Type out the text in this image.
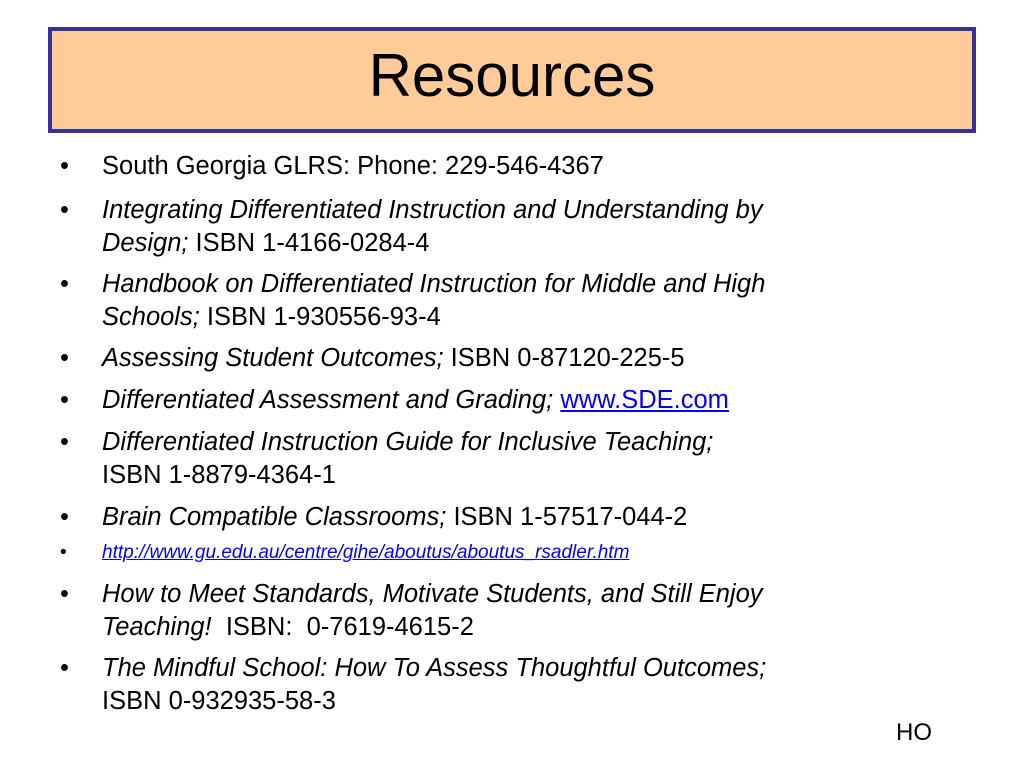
Resources
•	South Georgia GLRS: Phone: 229-546-4367
•	Integrating Differentiated Instruction and Understanding by
Design; ISBN 1-4166-0284-4
•	Handbook on Differentiated Instruction for Middle and High
Schools; ISBN 1-930556-93-4
•	Assessing Student Outcomes; ISBN 0-87120-225-5
•	Differentiated Assessment and Grading; www.SDE.com
•	Differentiated Instruction Guide for Inclusive Teaching;
ISBN 1-8879-4364-1
•	Brain Compatible Classrooms; ISBN 1-57517-044-2
•	http://www.gu.edu.au/centre/gihe/aboutus/aboutus_rsadler.htm
•	How to Meet Standards, Motivate Students, and Still Enjoy
Teaching!  ISBN:  0-7619-4615-2
•	The Mindful School: How To Assess Thoughtful Outcomes;
ISBN 0-932935-58-3
HO
